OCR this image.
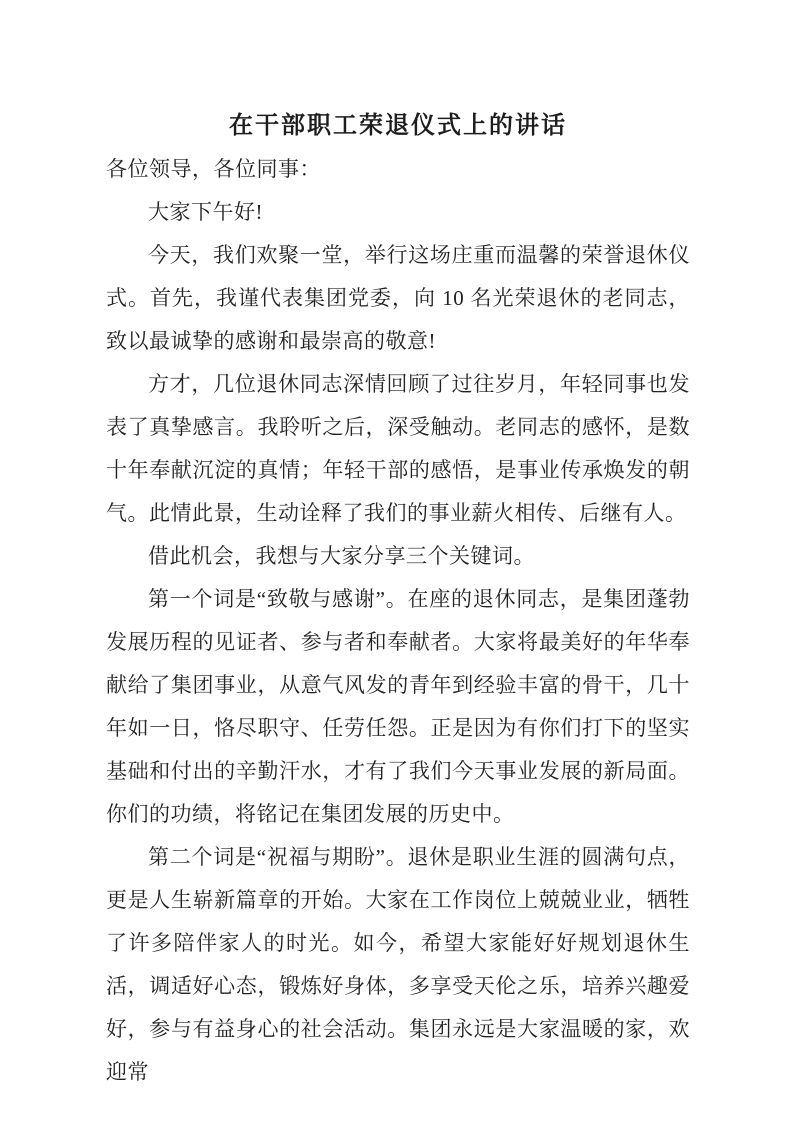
在干部职工荣退仪式上的讲话

各位领导，各位同事：

大家下午好!

今天，我们欢聚一堂，举行这场庄重而温馨的荣誉退休仪式。首先，我谨代表集团党委，向 10 名光荣退休的老同志，致以最诚挚的感谢和最崇高的敬意!

方才，几位退休同志深情回顾了过往岁月，年轻同事也发表了真挚感言。我聆听之后，深受触动。老同志的感怀，是数十年奉献沉淀的真情；年轻干部的感悟，是事业传承焕发的朝气。此情此景，生动诠释了我们的事业薪火相传、后继有人。

借此机会，我想与大家分享三个关键词。

第一个词是“致敬与感谢”。在座的退休同志，是集团蓬勃发展历程的见证者、参与者和奉献者。大家将最美好的年华奉献给了集团事业，从意气风发的青年到经验丰富的骨干，几十年如一日，恪尽职守、任劳任怨。正是因为有你们打下的坚实基础和付出的辛勤汗水，才有了我们今天事业发展的新局面。你们的功绩，将铭记在集团发展的历史中。

第二个词是“祝福与期盼”。退休是职业生涯的圆满句点，更是人生崭新篇章的开始。大家在工作岗位上兢兢业业，牺牲了许多陪伴家人的时光。如今，希望大家能好好规划退休生活，调适好心态，锻炼好身体，多享受天伦之乐，培养兴趣爱好，参与有益身心的社会活动。集团永远是大家温暖的家，欢迎常
